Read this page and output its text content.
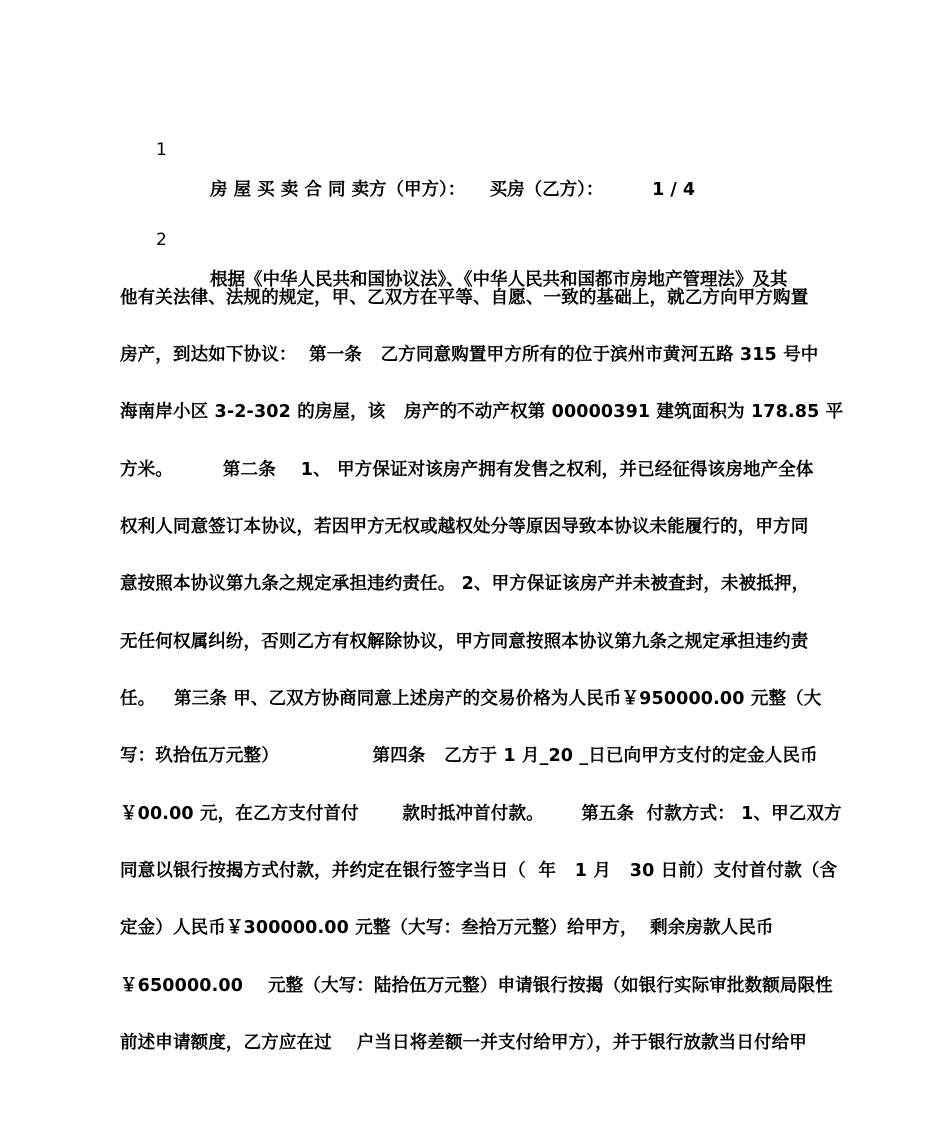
1

房 屋 买 卖 合 同 卖方（甲方）：    买房（乙方）：        1 / 4

2

根据《中华人民共和国协议法》、《中华人民共和国都市房地产管理法》及其

他有关法律、法规的规定，甲、乙双方在平等、自愿、一致的基础上，就乙方向甲方购置

房产，到达如下协议：  第一条   乙方同意购置甲方所有的位于滨州市黄河五路 315 号中

海南岸小区 3-2-302 的房屋，该   房产的不动产权第 00000391 建筑面积为 178.85 平

方米。        第二条    1、 甲方保证对该房产拥有发售之权利，并已经征得该房地产全体

权利人同意签订本协议，若因甲方无权或越权处分等原因导致本协议未能履行的，甲方同

意按照本协议第九条之规定承担违约责任。 2、甲方保证该房产并未被查封，未被抵押，

无任何权属纠纷，否则乙方有权解除协议，甲方同意按照本协议第九条之规定承担违约责

任。   第三条 甲、乙双方协商同意上述房产的交易价格为人民币￥950000.00 元整（大

写：玖拾伍万元整）               第四条   乙方于 1 月_20 _日已向甲方支付的定金人民币

￥00.00 元，在乙方支付首付       款时抵冲首付款。      第五条  付款方式： 1、甲乙双方

同意以银行按揭方式付款，并约定在银行签字当日（  年   1 月   30 日前）支付首付款（含

定金）人民币￥300000.00 元整（大写：叁拾万元整）给甲方，  剩余房款人民币

￥650000.00    元整（大写：陆拾伍万元整）申请银行按揭（如银行实际审批数额局限性

前述申请额度，乙方应在过    户当日将差额一并支付给甲方），并于银行放款当日付给甲
